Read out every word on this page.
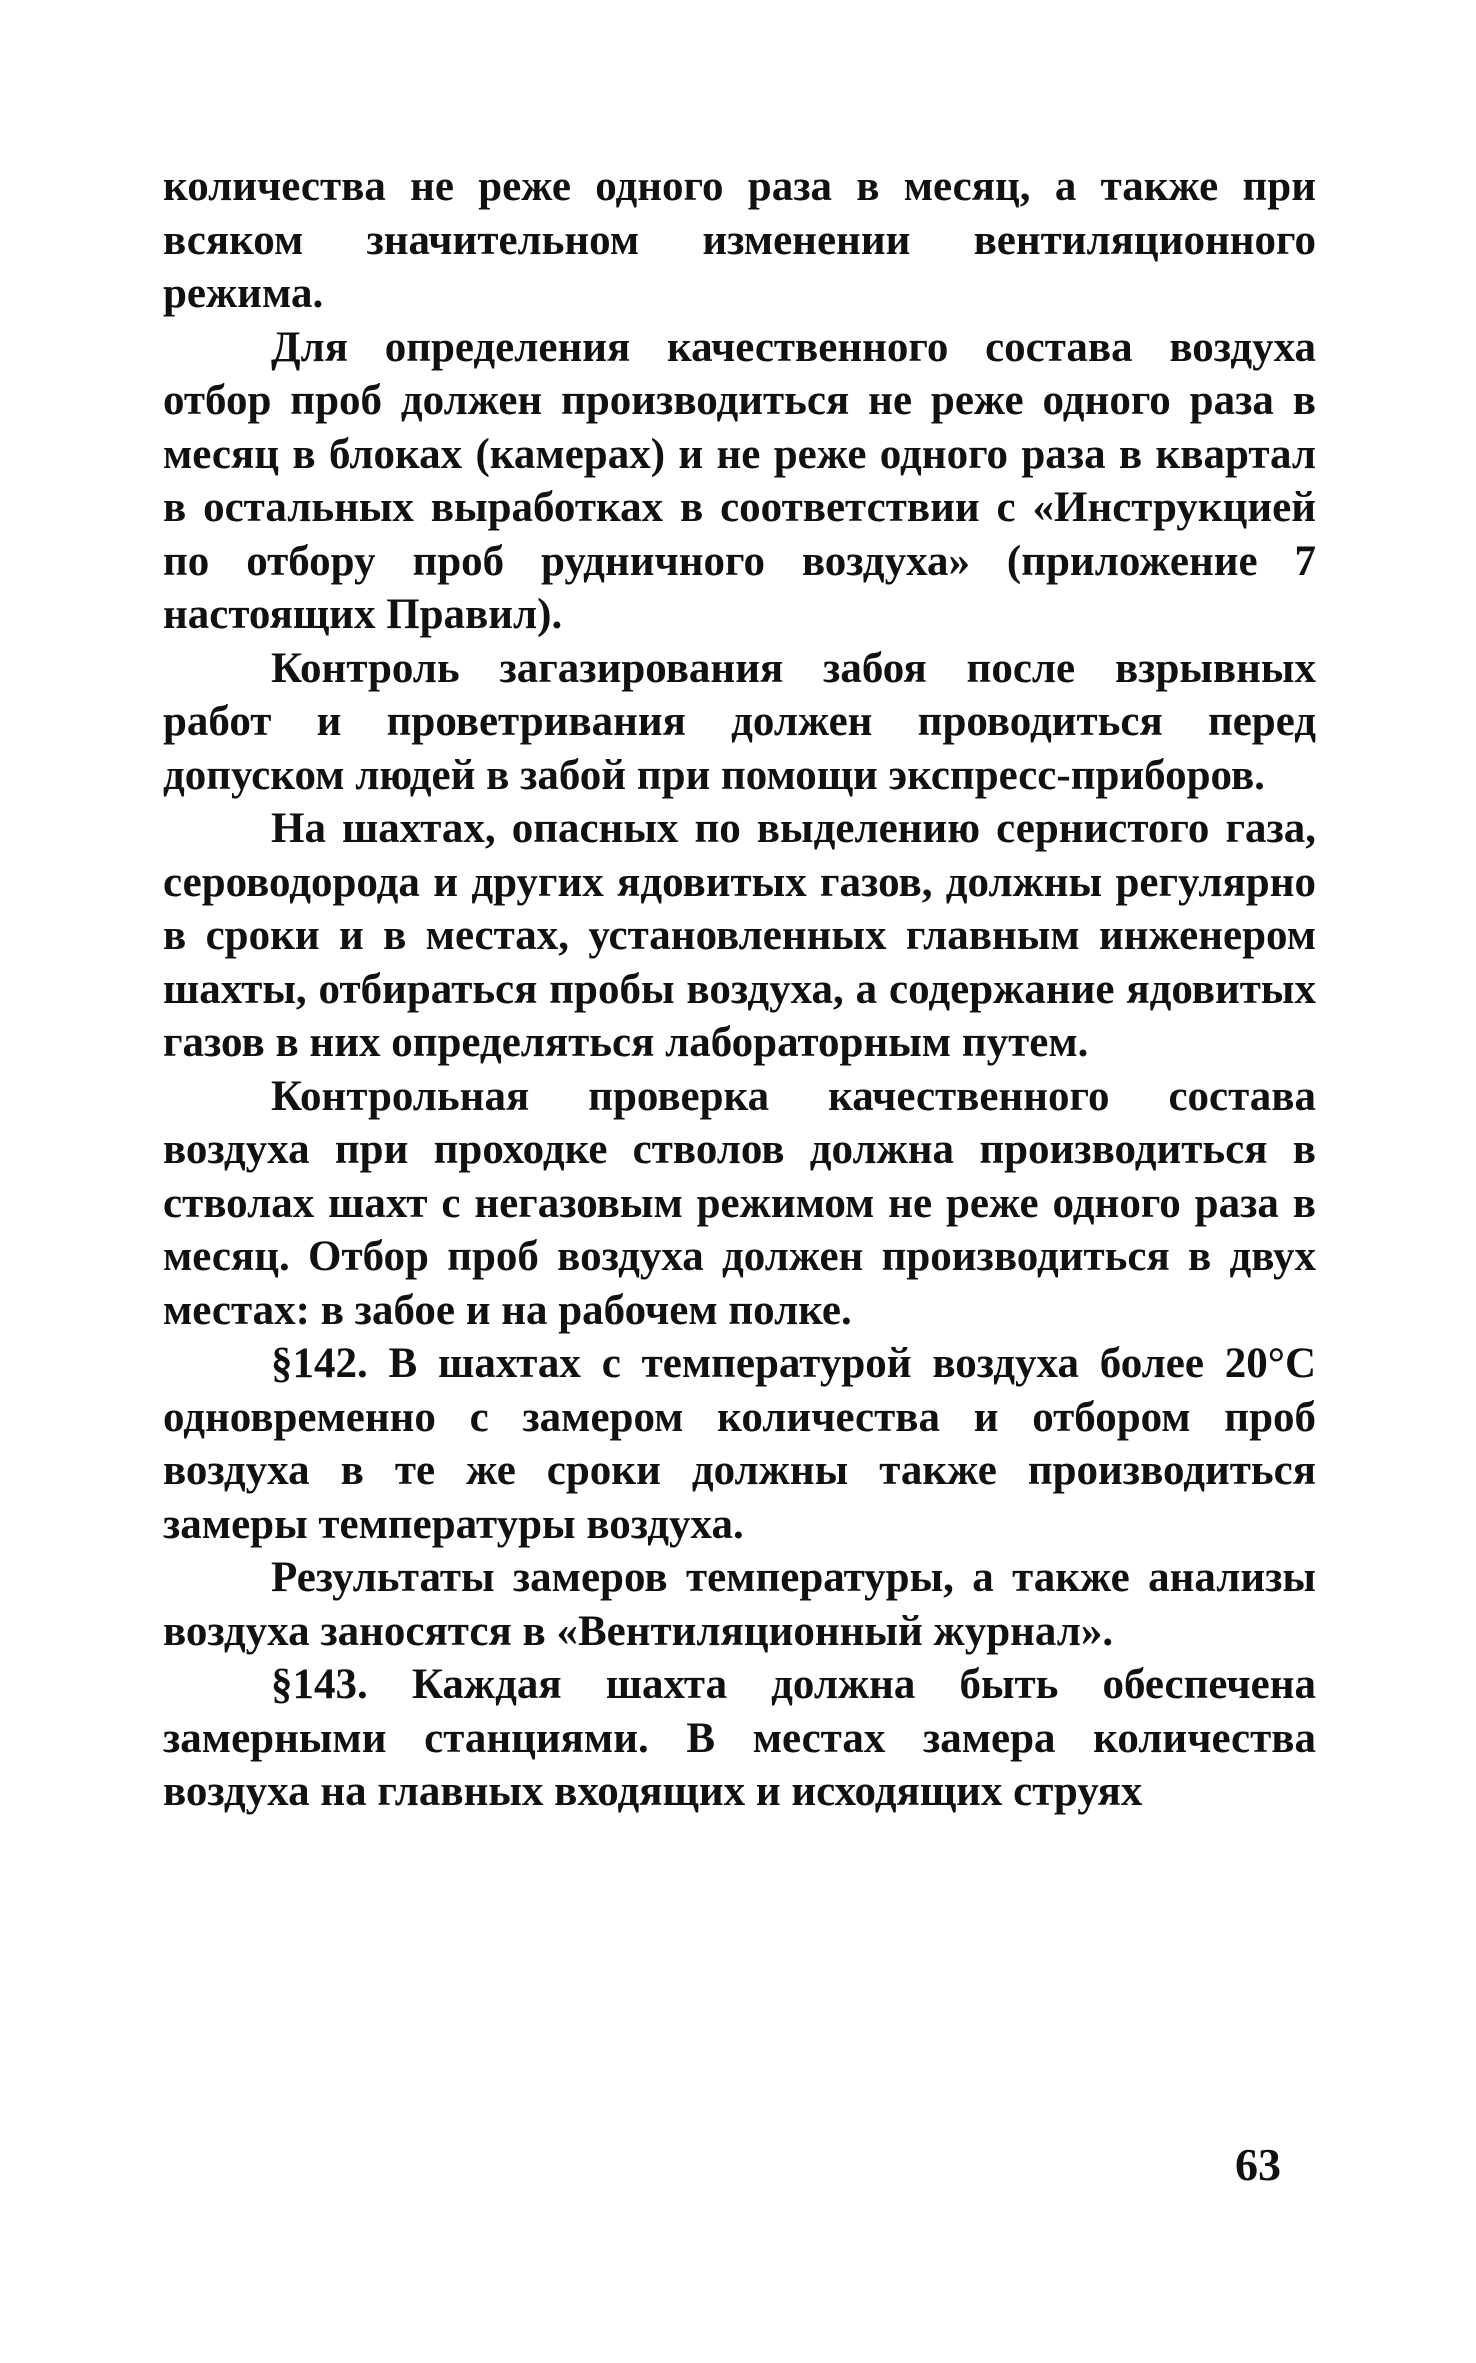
количества не реже одного раза в месяц, а также при всяком значительном изменении вентиляционного режима.

Для определения качественного состава воздуха отбор проб должен производиться не реже одного раза в месяц в блоках (камерах) и не реже одного раза в квартал в остальных выработках в соответствии с «Инструкцией по отбору проб рудничного воздуха» (приложение 7 настоящих Правил).

Контроль загазирования забоя после взрывных работ и проветривания должен проводиться перед допуском людей в забой при помощи экспресс-приборов.

На шахтах, опасных по выделению сернистого газа, сероводорода и других ядовитых газов, должны регулярно в сроки и в местах, установленных главным инженером шахты, отбираться пробы воздуха, а содержание ядовитых газов в них определяться лабораторным путем.

Контрольная проверка качественного состава воздуха при проходке стволов должна производиться в стволах шахт с негазовым режимом не реже одного раза в месяц. Отбор проб воздуха должен производиться в двух местах: в забое и на рабочем полке.

§142. В шахтах с температурой воздуха более 20°С одновременно с замером количества и отбором проб воздуха в те же сроки должны также производиться замеры температуры воздуха.

Результаты замеров температуры, а также анализы воздуха заносятся в «Вентиляционный журнал».

§143. Каждая шахта должна быть обеспечена замерными станциями. В местах замера количества воздуха на главных входящих и исходящих струях

63
